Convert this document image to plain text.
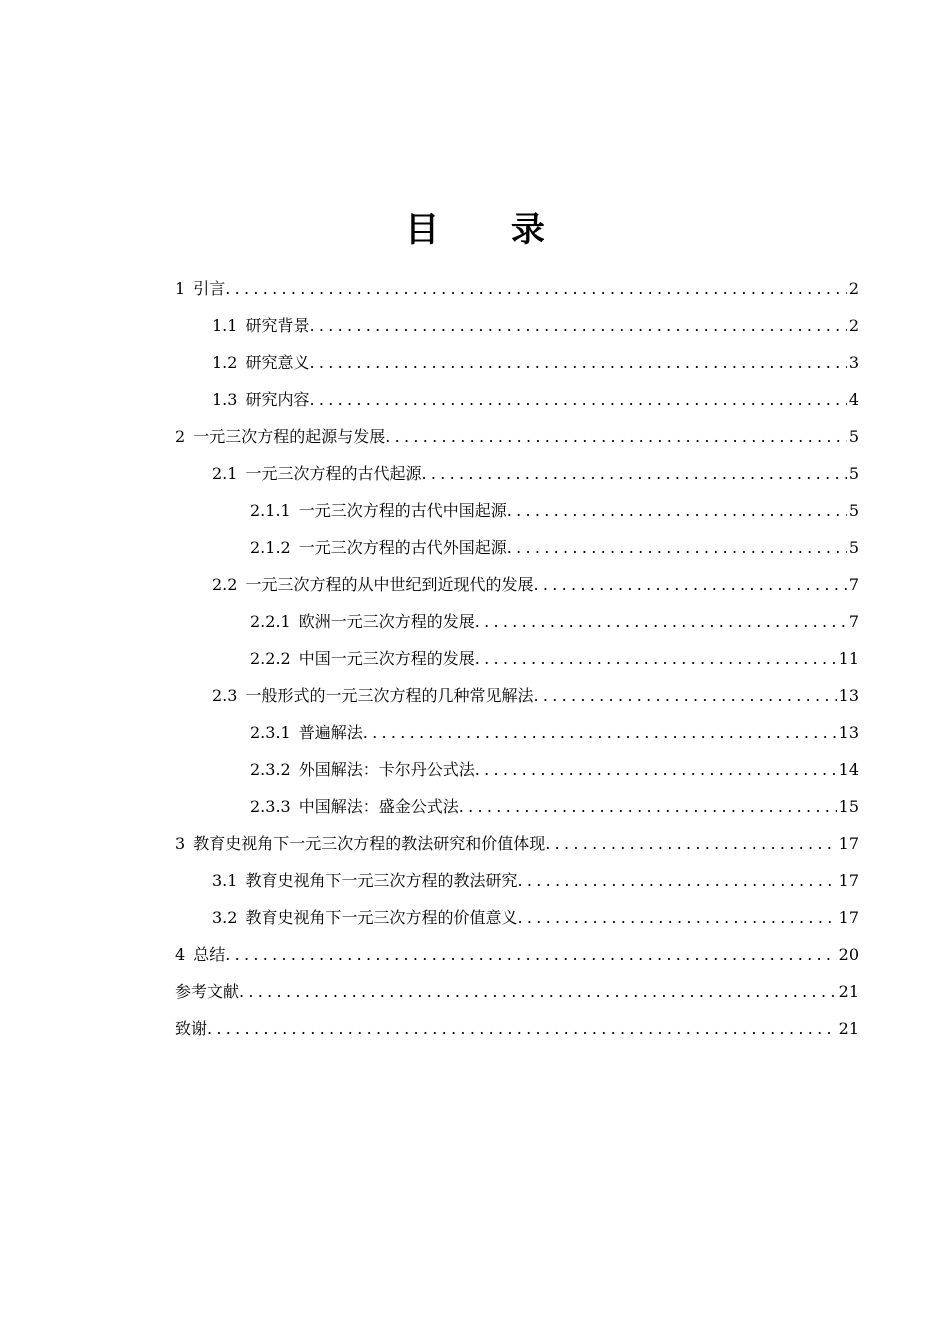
目 录
1 引言 .....	2
1.1 研究背景 .....	2
1.2 研究意义 .....	3
1.3 研究内容 .....	4
2 一元三次方程的起源与发展 .....	5
2.1 一元三次方程的古代起源 .....	5
2.1.1 一元三次方程的古代中国起源 .....	5
2.1.2 一元三次方程的古代外国起源 .....	5
2.2 一元三次方程的从中世纪到近现代的发展 .....	7
2.2.1 欧洲一元三次方程的发展 .....	7
2.2.2 中国一元三次方程的发展 .....	11
2.3 一般形式的一元三次方程的几种常见解法 .....	13
2.3.1 普遍解法 .....	13
2.3.2 外国解法：卡尔丹公式法 .....	14
2.3.3 中国解法：盛金公式法 .....	15
3 教育史视角下一元三次方程的教法研究和价值体现 .....	17
3.1 教育史视角下一元三次方程的教法研究 .....	17
3.2 教育史视角下一元三次方程的价值意义 .....	17
4 总结 .....	20
参考文献 .....	21
致谢 .....	21
